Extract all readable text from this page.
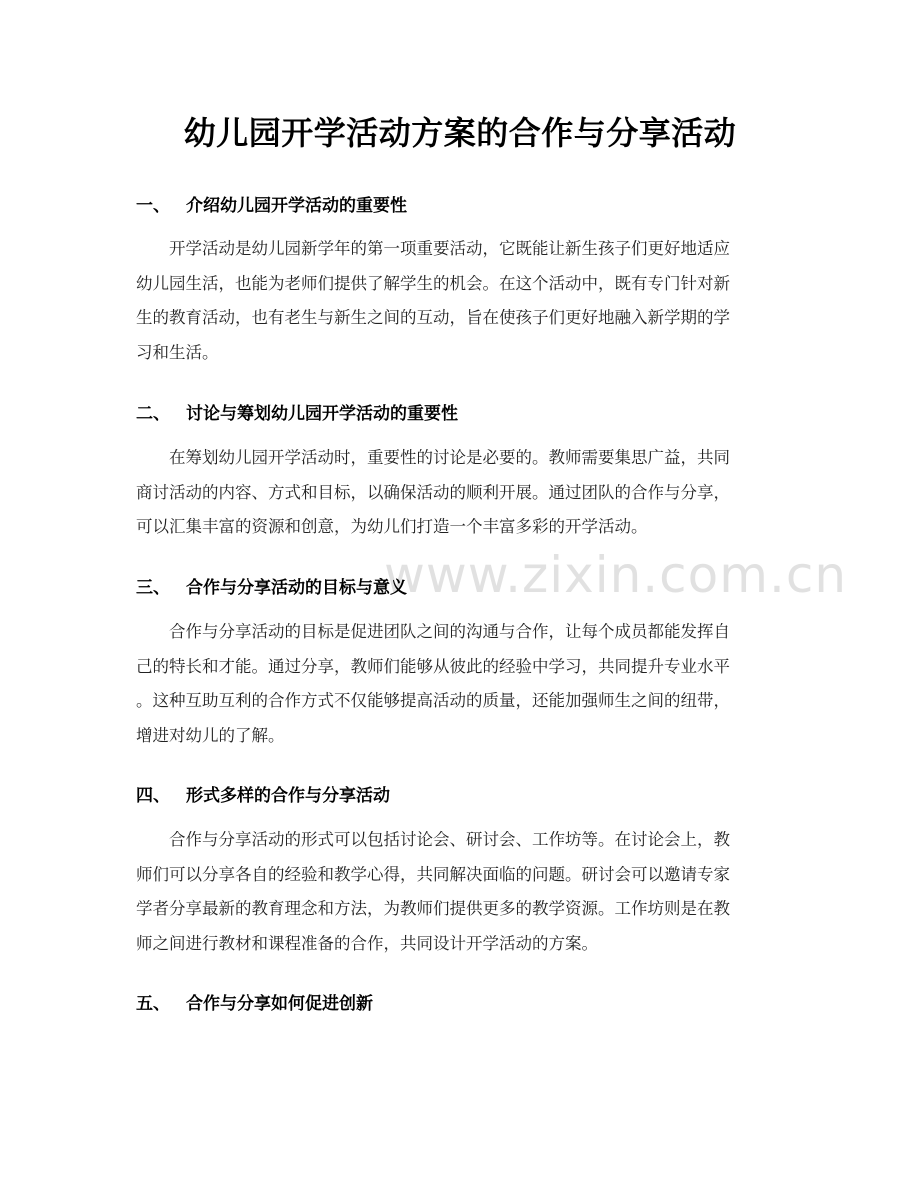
幼儿园开学活动方案的合作与分享活动
一、 介绍幼儿园开学活动的重要性
开学活动是幼儿园新学年的第一项重要活动，它既能让新生孩子们更好地适应
幼儿园生活，也能为老师们提供了解学生的机会。在这个活动中，既有专门针对新
生的教育活动，也有老生与新生之间的互动，旨在使孩子们更好地融入新学期的学
习和生活。
二、 讨论与筹划幼儿园开学活动的重要性
在筹划幼儿园开学活动时，重要性的讨论是必要的。教师需要集思广益，共同
商讨活动的内容、方式和目标，以确保活动的顺利开展。通过团队的合作与分享，
可以汇集丰富的资源和创意，为幼儿们打造一个丰富多彩的开学活动。
www.zixin.com.cn
三、 合作与分享活动的目标与意义
合作与分享活动的目标是促进团队之间的沟通与合作，让每个成员都能发挥自
己的特长和才能。通过分享，教师们能够从彼此的经验中学习，共同提升专业水平
。这种互助互利的合作方式不仅能够提高活动的质量，还能加强师生之间的纽带，
增进对幼儿的了解。
四、 形式多样的合作与分享活动
合作与分享活动的形式可以包括讨论会、研讨会、工作坊等。在讨论会上，教
师们可以分享各自的经验和教学心得，共同解决面临的问题。研讨会可以邀请专家
学者分享最新的教育理念和方法，为教师们提供更多的教学资源。工作坊则是在教
师之间进行教材和课程准备的合作，共同设计开学活动的方案。
五、 合作与分享如何促进创新
